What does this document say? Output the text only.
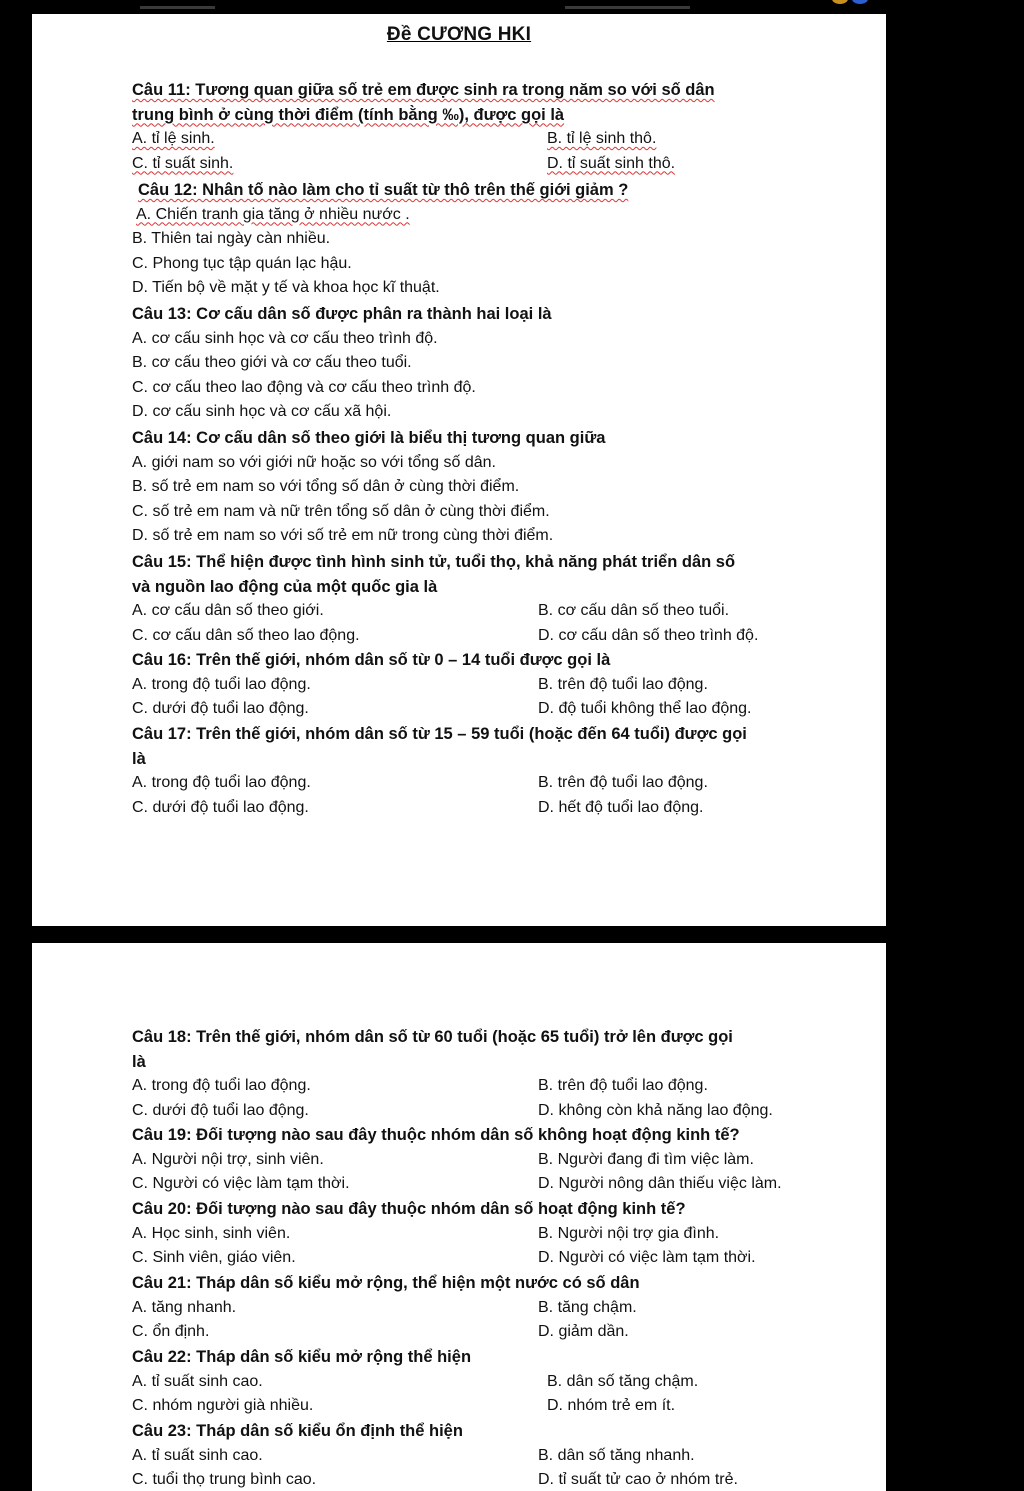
Đề CƯƠNG HKI

Câu 11: Tương quan giữa số trẻ em được sinh ra trong năm so với số dân

trung bình ở cùng thời điểm (tính bằng ‰), được gọi là

A. tỉ lệ sinh.	B. tỉ lệ sinh thô.
C. tỉ suất sinh.	D. tỉ suất sinh thô.

Câu 12: Nhân tố nào làm cho tỉ suất từ thô trên thế giới giảm ?

A. Chiến tranh gia tăng ở nhiều nước .
B. Thiên tai ngày càn nhiều.
C. Phong tục tập quán lạc hậu.
D. Tiến bộ về mặt y tế và khoa học kĩ thuật.

Câu 13: Cơ cấu dân số được phân ra thành hai loại là

A. cơ cấu sinh học và cơ cấu theo trình độ.
B. cơ cấu theo giới và cơ cấu theo tuổi.
C. cơ cấu theo lao động và cơ cấu theo trình độ.
D. cơ cấu sinh học và cơ cấu xã hội.

Câu 14: Cơ cấu dân số theo giới là biểu thị tương quan giữa

A. giới nam so với giới nữ hoặc so với tổng số dân.
B. số trẻ em nam so với tổng số dân ở cùng thời điểm.
C. số trẻ em nam và nữ trên tổng số dân ở cùng thời điểm.
D. số trẻ em nam so với số trẻ em nữ trong cùng thời điểm.

Câu 15: Thể hiện được tình hình sinh tử, tuổi thọ, khả năng phát triển dân số

và nguồn lao động của một quốc gia là

A. cơ cấu dân số theo giới.	B. cơ cấu dân số theo tuổi.
C. cơ cấu dân số theo lao động.	D. cơ cấu dân số theo trình độ.

Câu 16: Trên thế giới, nhóm dân số từ 0 – 14 tuổi được gọi là

A. trong độ tuổi lao động.	B. trên độ tuổi lao động.
C. dưới độ tuổi lao động.	D. độ tuổi không thể lao động.

Câu 17: Trên thế giới, nhóm dân số từ 15 – 59 tuổi (hoặc đến 64 tuổi) được gọi

là

A. trong độ tuổi lao động.	B. trên độ tuổi lao động.
C. dưới độ tuổi lao động.	D. hết độ tuổi lao động.

Câu 18: Trên thế giới, nhóm dân số từ 60 tuổi (hoặc 65 tuổi) trở lên được gọi

là

A. trong độ tuổi lao động.	B. trên độ tuổi lao động.
C. dưới độ tuổi lao động.	D. không còn khả năng lao động.

Câu 19: Đối tượng nào sau đây thuộc nhóm dân số không hoạt động kinh tế?

A. Người nội trợ, sinh viên.	B. Người đang đi tìm việc làm.
C. Người có việc làm tạm thời.	D. Người nông dân thiếu việc làm.

Câu 20: Đối tượng nào sau đây thuộc nhóm dân số hoạt động kinh tế?

A. Học sinh, sinh viên.	B. Người nội trợ gia đình.
C. Sinh viên, giáo viên.	D. Người có việc làm tạm thời.

Câu 21: Tháp dân số kiểu mở rộng, thể hiện một nước có số dân

A. tăng nhanh.	B. tăng chậm.
C. ổn định.	D. giảm dần.

Câu 22: Tháp dân số kiểu mở rộng thể hiện

A. tỉ suất sinh cao.	B. dân số tăng chậm.
C. nhóm người già nhiều.	D. nhóm trẻ em ít.

Câu 23: Tháp dân số kiểu ổn định thể hiện

A. tỉ suất sinh cao.	B. dân số tăng nhanh.
C. tuổi thọ trung bình cao.	D. tỉ suất tử cao ở nhóm trẻ.
